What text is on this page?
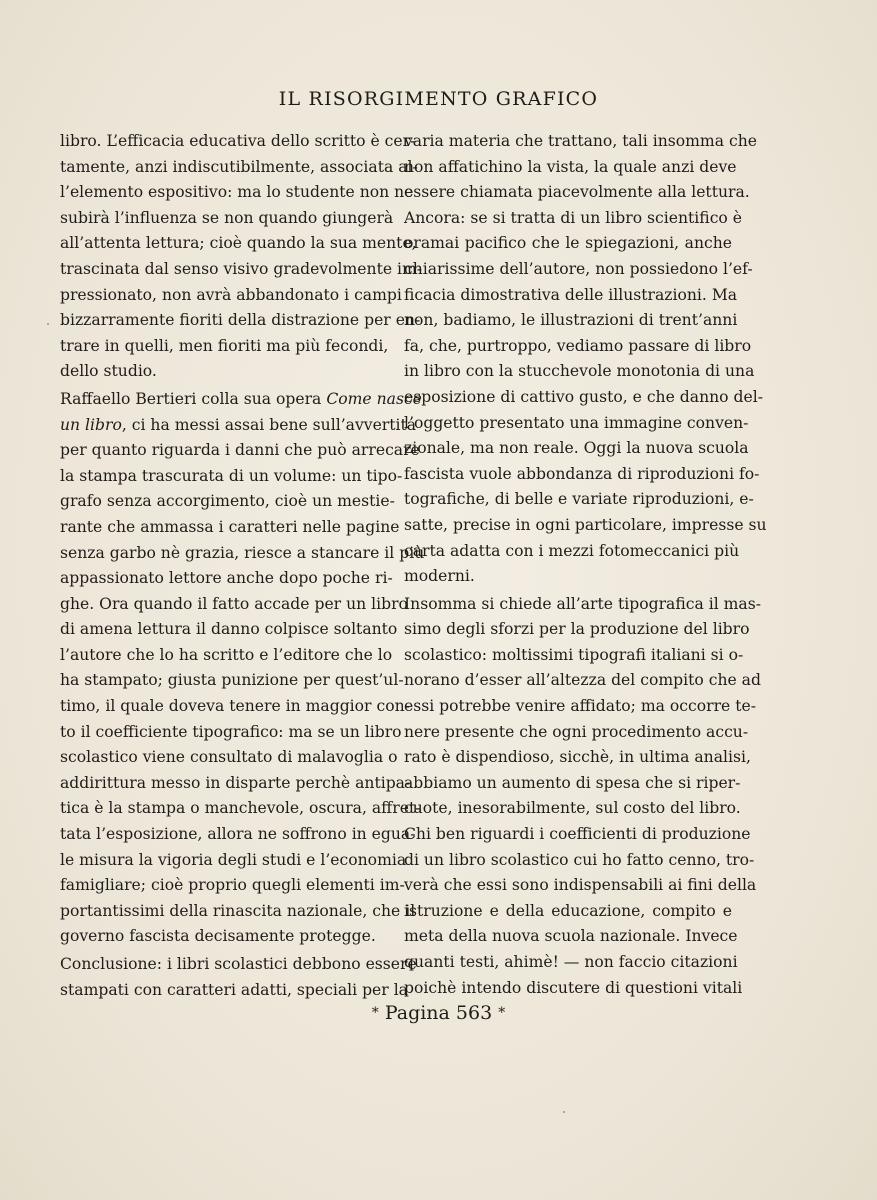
IL RISORGIMENTO GRAFICO

libro. L’efficacia educativa dello scritto è cer-

tamente, anzi indiscutibilmente, associata al-

l’elemento espositivo: ma lo studente non ne

subirà l’influenza se non quando giungerà

all’attenta lettura; cioè quando la sua mente,

trascinata dal senso visivo gradevolmente im-

pressionato, non avrà abbandonato i campi

bizzarramente fioriti della distrazione per en-

trare in quelli, men fioriti ma più fecondi,

dello studio.

Raffaello Bertieri colla sua opera Come nasce

un libro, ci ha messi assai bene sull’avvertita

per quanto riguarda i danni che può arrecare

la stampa trascurata di un volume: un tipo-

grafo senza accorgimento, cioè un mestie-

rante che ammassa i caratteri nelle pagine

senza garbo nè grazia, riesce a stancare il più

appassionato lettore anche dopo poche ri-

ghe. Ora quando il fatto accade per un libro

di amena lettura il danno colpisce soltanto

l’autore che lo ha scritto e l’editore che lo

ha stampato; giusta punizione per quest’ul-

timo, il quale doveva tenere in maggior con-

to il coefficiente tipografico: ma se un libro

scolastico viene consultato di malavoglia o

addirittura messo in disparte perchè antipa-

tica è la stampa o manchevole, oscura, affret-

tata l’esposizione, allora ne soffrono in egua-

le misura la vigoria degli studi e l’economia

famigliare; cioè proprio quegli elementi im-

portantissimi della rinascita nazionale, che il

governo fascista decisamente protegge.

Conclusione: i libri scolastici debbono essere

stampati con caratteri adatti, speciali per la

varia materia che trattano, tali insomma che

non affatichino la vista, la quale anzi deve

essere chiamata piacevolmente alla lettura.

Ancora: se si tratta di un libro scientifico è

oramai pacifico che le spiegazioni, anche

chiarissime dell’autore, non possiedono l’ef-

ficacia dimostrativa delle illustrazioni. Ma

non, badiamo, le illustrazioni di trent’anni

fa, che, purtroppo, vediamo passare di libro

in libro con la stucchevole monotonia di una

esposizione di cattivo gusto, e che danno del-

l’oggetto presentato una immagine conven-

zionale, ma non reale. Oggi la nuova scuola

fascista vuole abbondanza di riproduzioni fo-

tografiche, di belle e variate riproduzioni, e-

satte, precise in ogni particolare, impresse su

carta adatta con i mezzi fotomeccanici più

moderni.

Insomma si chiede all’arte tipografica il mas-

simo degli sforzi per la produzione del libro

scolastico: moltissimi tipografi italiani si o-

norano d’esser all’altezza del compito che ad

essi potrebbe venire affidato; ma occorre te-

nere presente che ogni procedimento accu-

rato è dispendioso, sicchè, in ultima analisi,

abbiamo un aumento di spesa che si riper-

cuote, inesorabilmente, sul costo del libro.

Chi ben riguardi i coefficienti di produzione

di un libro scolastico cui ho fatto cenno, tro-

verà che essi sono indispensabili ai fini della

istruzione e della educazione, compito e

meta della nuova scuola nazionale. Invece

quanti testi, ahimè! — non faccio citazioni

poichè intendo discutere di questioni vitali

* Pagina 563 *
